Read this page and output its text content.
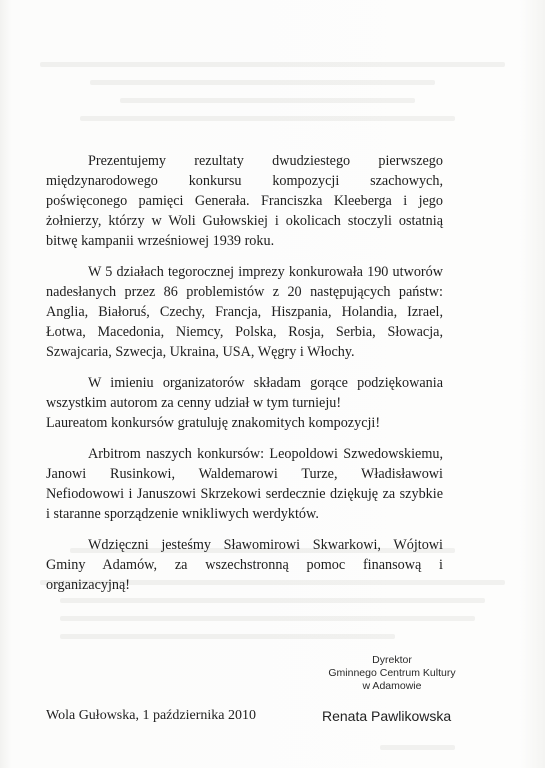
Prezentujemy rezultaty dwudziestego pierwszego międzynarodowego konkursu kompozycji szachowych, poświęconego pamięci Generała. Franciszka Kleeberga i jego żołnierzy, którzy w Woli Gułowskiej i okolicach stoczyli ostatnią bitwę kampanii wrześniowej 1939 roku.

W 5 działach tegorocznej imprezy konkurowała 190 utworów nadesłanych przez 86 problemistów z 20 następujących państw: Anglia, Białoruś, Czechy, Francja, Hiszpania, Holandia, Izrael, Łotwa, Macedonia, Niemcy, Polska, Rosja, Serbia, Słowacja, Szwajcaria, Szwecja, Ukraina, USA, Węgry i Włochy.

W imieniu organizatorów składam gorące podziękowania wszystkim autorom za cenny udział w tym turnieju!

Laureatom konkursów gratuluję znakomitych kompozycji!

Arbitrom naszych konkursów: Leopoldowi Szwedowskiemu, Janowi Rusinkowi, Waldemarowi Turze, Władisławowi Nefiodowowi i Januszowi Skrzekowi serdecznie dziękuję za szybkie i staranne sporządzenie wnikliwych werdyktów.

Wdzięczni jesteśmy Sławomirowi Skwarkowi, Wójtowi Gminy Adamów, za wszechstronną pomoc finansową i organizacyjną!

Dyrektor
Gminnego Centrum Kultury
w Adamowie
Wola Gułowska, 1 października 2010	Renata Pawlikowska
